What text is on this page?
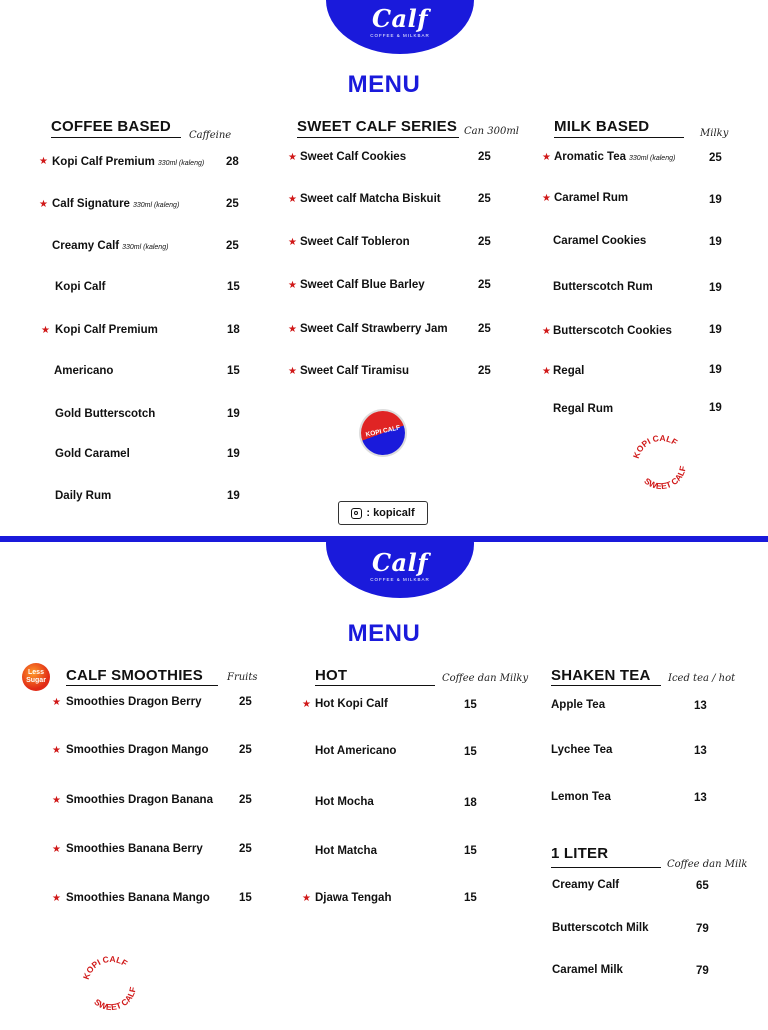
Calf
COFFEE & MILKBAR
MENU
COFFEE BASED
Caffeine
★ Kopi Calf Premium 330ml (kaleng) 28
★ Calf Signature 330ml (kaleng)	25
Creamy Calf 330ml (kaleng)	25
Kopi Calf	15
★ Kopi Calf Premium	18
Americano	15
Gold Butterscotch	19
Gold Caramel	19
Daily Rum	19
SWEET CALF SERIES Can 300ml
★ Sweet Calf Cookies	25
★ Sweet calf Matcha Biskuit	25
★ Sweet Calf Tobleron	25
★ Sweet Calf Blue Barley	25
★ Sweet Calf Strawberry Jam	25
★ Sweet Calf Tiramisu	25
KOPI CALF
: kopicalf
MILK BASED	Milky
★ Aromatic Tea 330ml (kaleng)	25
★ Caramel Rum	19
Caramel Cookies	19
Butterscotch Rum	19
★ Butterscotch Cookies	19
★ Regal	19
Regal Rum	19
KOPI CALF
SWEET CALF
Calf
COFFEE & MILKBAR
MENU
Less
Sugar CALF SMOOTHIES Fruits
★ Smoothies Dragon Berry	25
★ Smoothies Dragon Mango	25
★ Smoothies Dragon Banana 25
★ Smoothies Banana Berry	25
★ Smoothies Banana Mango	15
HOT	Coffee dan Milky
★ Hot Kopi Calf	15
Hot Americano	15
Hot Mocha	18
Hot Matcha	15
★ Djawa Tengah	15
SHAKEN TEA Iced tea / hot
Apple Tea	13
Lychee Tea	13
Lemon Tea	13
1 LITER
Coffee dan Milk
Creamy Calf	65
Butterscotch Milk	79
Caramel Milk	79
KOPI CALF
SWEET CALF
